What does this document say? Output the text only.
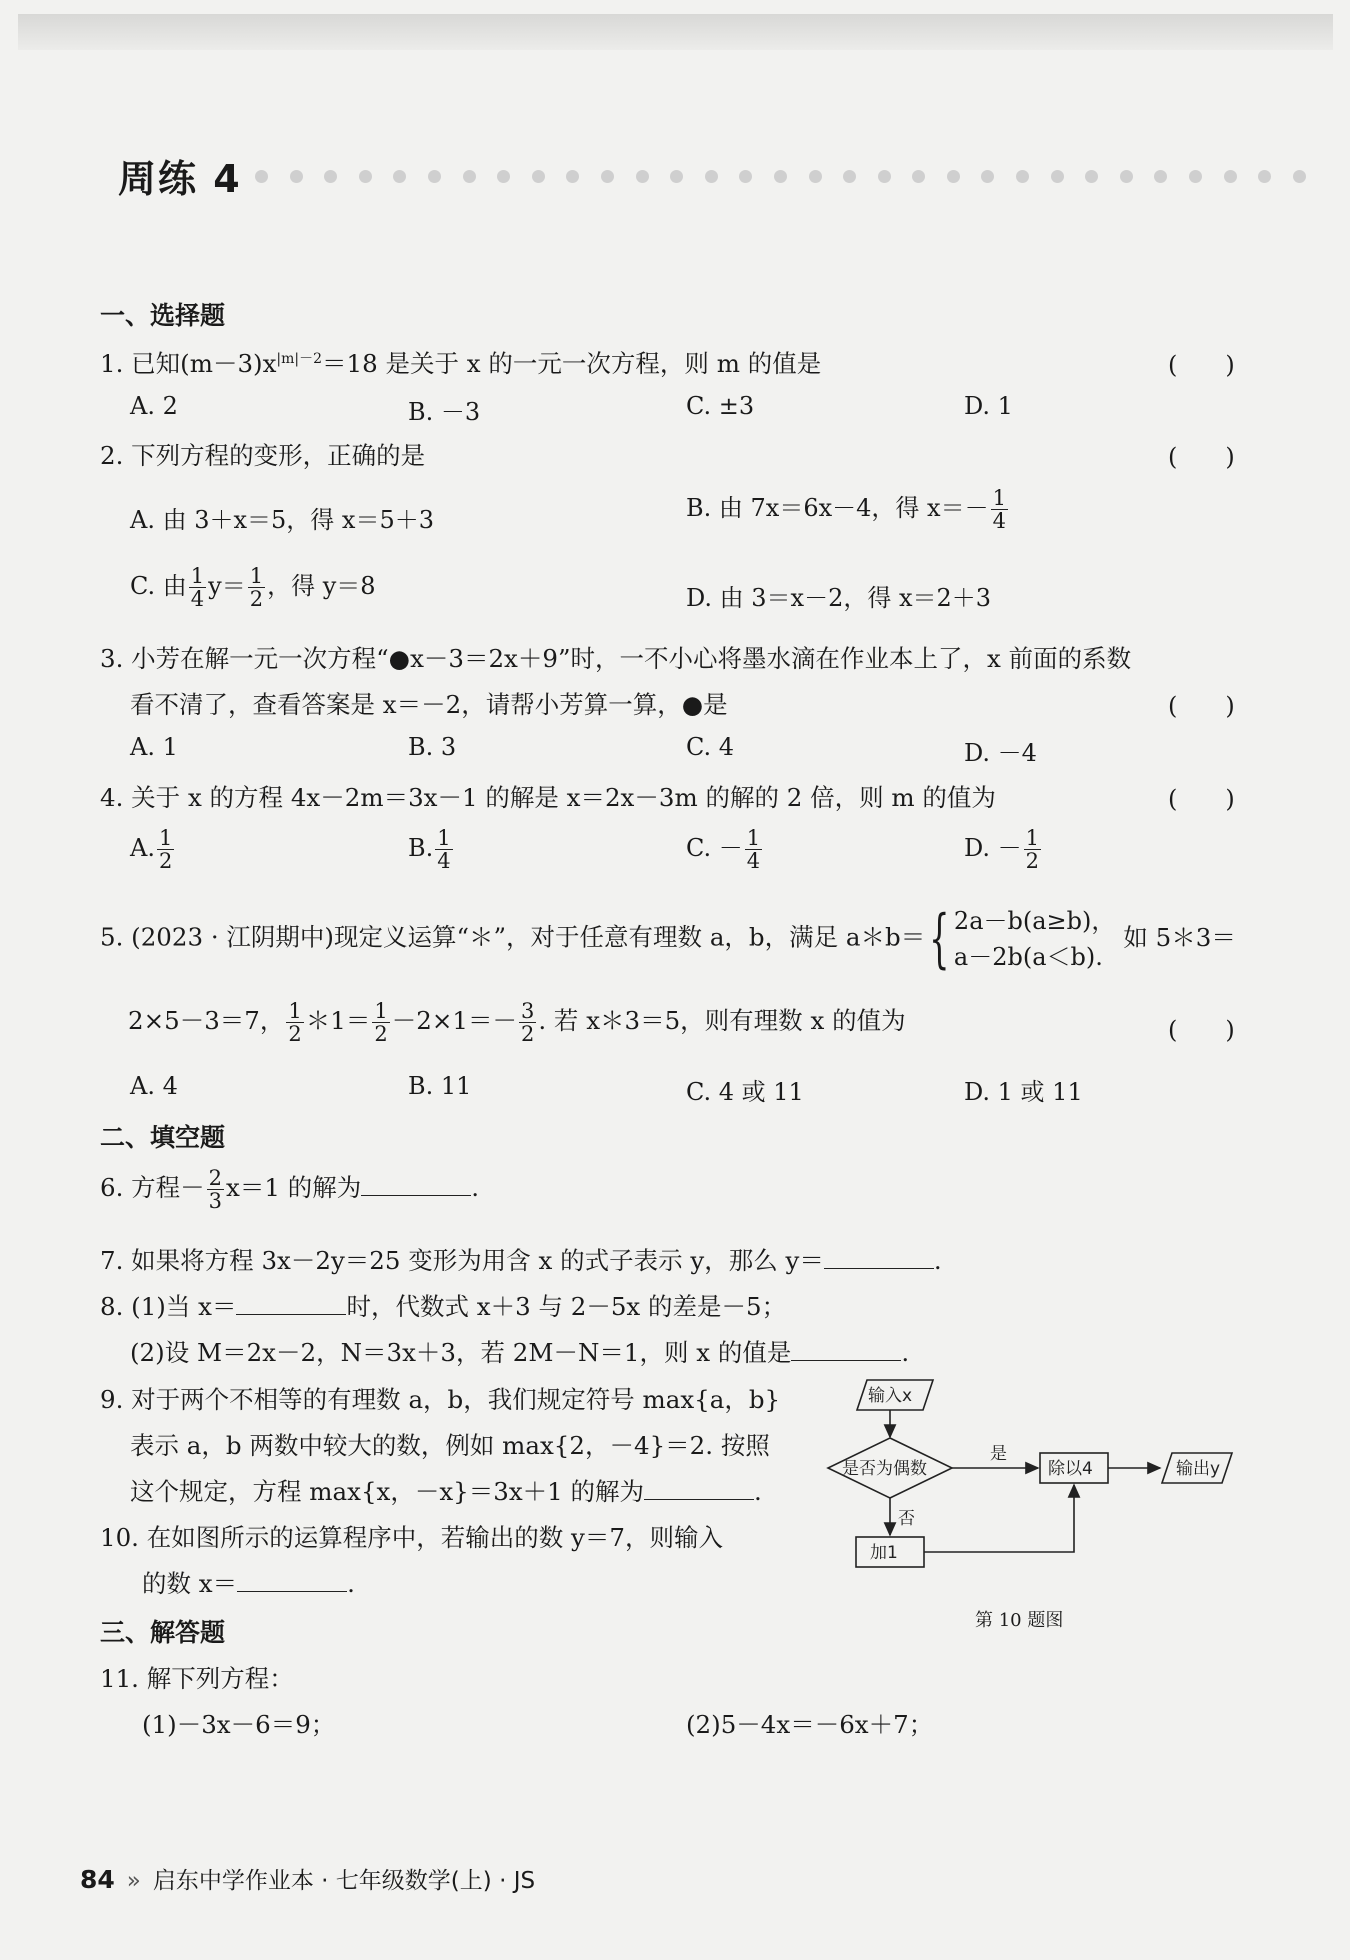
周练 4
一、选择题
1. 已知$(m-3)x^{|m|-2}=18$ 是关于 x 的一元一次方程，则 m 的值是	(　　)
A. 2	B. －3	C. ±3	D. 1
2. 下列方程的变形，正确的是	(　　)
A. 由 3＋x＝5，得 x＝5＋3	B. 由 7x＝6x－4，得 $x=- \frac{1}{4}$
C. 由 $\frac{1}{4} y= \frac{1}{2}$ ，得 y＝8	D. 由 3＝x－2，得 x＝2＋3
3. 小芳在解一元一次方程“●x－3＝2x＋9”时，一不小心将墨水滴在作业本上了，x 前面的系数
看不清了，查看答案是 x＝－2，请帮小芳算一算，●是	(　　)
A. 1	B. 3	C. 4	D. －4
4. 关于 x 的方程 4x－2m＝3x－1 的解是 x＝2x－3m 的解的 2 倍，则 m 的值为	(　　)
A. $\frac{1}{2}$	B. $\frac{1}{4}$	C. － $\frac{1}{4}$	D. － $\frac{1}{2}$
5. (2023 · 江阴期中)现定义运算“＊”，对于任意有理数 a，b，满足 a＊b＝{ 2a－b(a≥b)，
a－2b(a＜b).
如 5＊3＝
2×5－3＝7， $\frac{1}{2}$ ＊1＝ $\frac{1}{2} -2\times 1=- \frac{3}{2}$ . 若 x＊3＝5，则有理数 x 的值为	(　　)
A. 4	B. 11	C. 4 或 11	D. 1 或 11
二、填空题
6. 方程－ $\frac{2}{3} x=1$ 的解为	.
7. 如果将方程 3x－2y＝25 变形为用含 x 的式子表示 y，那么 y＝	.
8. (1)当 x＝	时，代数式 x＋3 与 2－5x 的差是－5；
(2)设 M＝2x－2，N＝3x＋3，若 2M－N＝1，则 x 的值是	.
9. 对于两个不相等的有理数 a，b，我们规定符号 max{a，b}
表示 a，b 两数中较大的数，例如 max{2，－4}＝2. 按照
这个规定，方程 max{x，－x}＝3x＋1 的解为	.
10. 在如图所示的运算程序中，若输出的数 y＝7，则输入
的数 x＝	.
输入x
是否为偶数
是
否
除以4	输出y
加1
第 10 题图
三、解答题
11. 解下列方程：
(1)－3x－6＝9；	(2)5－4x＝－6x＋7；
84 » 启东中学作业本 · 七年级数学(上) · JS
